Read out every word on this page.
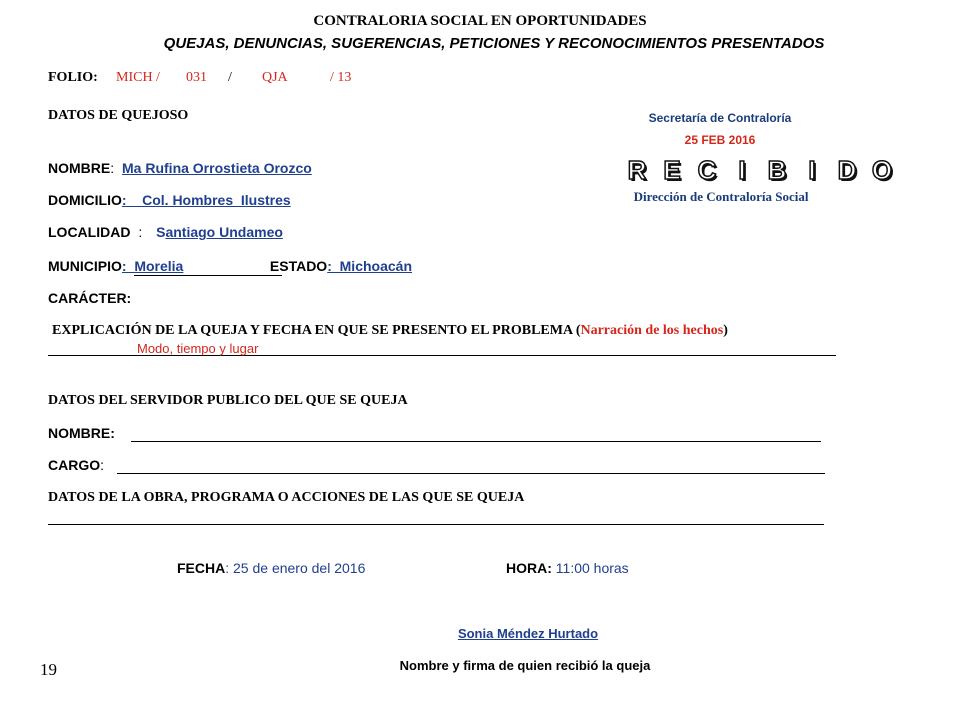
CONTRALORIA SOCIAL EN OPORTUNIDADES
QUEJAS, DENUNCIAS, SUGERENCIAS, PETICIONES Y RECONOCIMIENTOS PRESENTADOS
FOLIO: MICH / 031 / QJA	/ 13
DATOS DE QUEJOSO	Secretaría de Contraloría
25 FEB 2016
R E C I B I D O
Dirección de Contraloría Social
NOMBRE: Ma Rufina Orrostieta Orozco
DOMICILIO:    Col. Hombres  Ilustres
LOCALIDAD : Santiago Undameo
MUNICIPIO:  Morelia	ESTADO:  Michoacán
CARÁCTER:
EXPLICACIÓN DE LA QUEJA Y FECHA EN QUE SE PRESENTO EL PROBLEMA (Narración de los hechos)
Modo, tiempo y lugar
DATOS DEL SERVIDOR PUBLICO DEL QUE SE QUEJA
NOMBRE:
CARGO:
DATOS DE LA OBRA, PROGRAMA O ACCIONES DE LAS QUE SE QUEJA
FECHA: 25 de enero del 2016	HORA: 11:00 horas
Sonia Méndez Hurtado
Nombre y firma de quien recibió la queja
19
